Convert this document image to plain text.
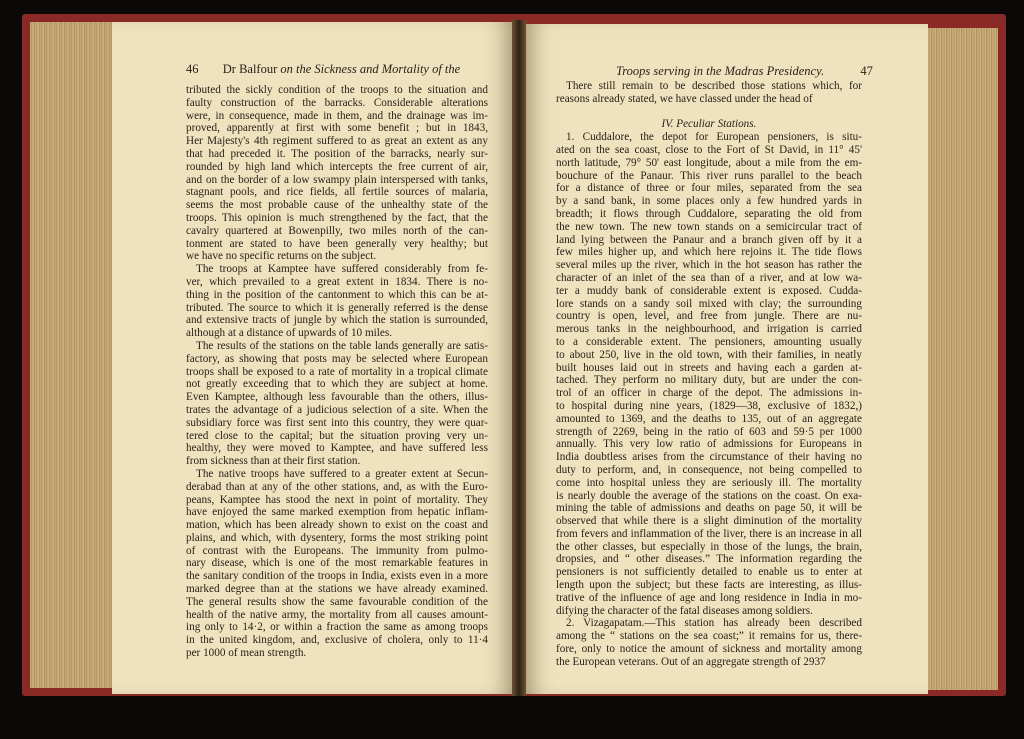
46 Dr Balfour on the Sickness and Mortality of the
tributed the sickly condition of the troops to the situation and
faulty construction of the barracks. Considerable alterations
were, in consequence, made in them, and the drainage was im-
proved, apparently at first with some benefit ; but in 1843,
Her Majesty's 4th regiment suffered to as great an extent as any
that had preceded it. The position of the barracks, nearly sur-
rounded by high land which intercepts the free current of air,
and on the border of a low swampy plain interspersed with tanks,
stagnant pools, and rice fields, all fertile sources of malaria,
seems the most probable cause of the unhealthy state of the
troops. This opinion is much strengthened by the fact, that the
cavalry quartered at Bowenpilly, two miles north of the can-
tonment are stated to have been generally very healthy; but
we have no specific returns on the subject.
The troops at Kamptee have suffered considerably from fe-
ver, which prevailed to a great extent in 1834. There is no-
thing in the position of the cantonment to which this can be at-
tributed. The source to which it is generally referred is the dense
and extensive tracts of jungle by which the station is surrounded,
although at a distance of upwards of 10 miles.
The results of the stations on the table lands generally are satis-
factory, as showing that posts may be selected where European
troops shall be exposed to a rate of mortality in a tropical climate
not greatly exceeding that to which they are subject at home.
Even Kamptee, although less favourable than the others, illus-
trates the advantage of a judicious selection of a site. When the
subsidiary force was first sent into this country, they were quar-
tered close to the capital; but the situation proving very un-
healthy, they were moved to Kamptee, and have suffered less
from sickness than at their first station.
The native troops have suffered to a greater extent at Secun-
derabad than at any of the other stations, and, as with the Euro-
peans, Kamptee has stood the next in point of mortality. They
have enjoyed the same marked exemption from hepatic inflam-
mation, which has been already shown to exist on the coast and
plains, and which, with dysentery, forms the most striking point
of contrast with the Europeans. The immunity from pulmo-
nary disease, which is one of the most remarkable features in
the sanitary condition of the troops in India, exists even in a more
marked degree than at the stations we have already examined.
The general results show the same favourable condition of the
health of the native army, the mortality from all causes amount-
ing only to 14·2, or within a fraction the same as among troops
in the united kingdom, and, exclusive of cholera, only to 11·4
per 1000 of mean strength.
Troops serving in the Madras Presidency.	47
There still remain to be described those stations which, for
reasons already stated, we have classed under the head of

IV. Peculiar Stations.
1. Cuddalore, the depot for European pensioners, is situ-
ated on the sea coast, close to the Fort of St David, in 11° 45'
north latitude, 79° 50' east longitude, about a mile from the em-
bouchure of the Panaur. This river runs parallel to the beach
for a distance of three or four miles, separated from the sea
by a sand bank, in some places only a few hundred yards in
breadth; it flows through Cuddalore, separating the old from
the new town. The new town stands on a semicircular tract of
land lying between the Panaur and a branch given off by it a
few miles higher up, and which here rejoins it. The tide flows
several miles up the river, which in the hot season has rather the
character of an inlet of the sea than of a river, and at low wa-
ter a muddy bank of considerable extent is exposed. Cudda-
lore stands on a sandy soil mixed with clay; the surrounding
country is open, level, and free from jungle. There are nu-
merous tanks in the neighbourhood, and irrigation is carried
to a considerable extent. The pensioners, amounting usually
to about 250, live in the old town, with their families, in neatly
built houses laid out in streets and having each a garden at-
tached. They perform no military duty, but are under the con-
trol of an officer in charge of the depot. The admissions in-
to hospital during nine years, (1829—38, exclusive of 1832,)
amounted to 1369, and the deaths to 135, out of an aggregate
strength of 2269, being in the ratio of 603 and 59·5 per 1000
annually. This very low ratio of admissions for Europeans in
India doubtless arises from the circumstance of their having no
duty to perform, and, in consequence, not being compelled to
come into hospital unless they are seriously ill. The mortality
is nearly double the average of the stations on the coast. On exa-
mining the table of admissions and deaths on page 50, it will be
observed that while there is a slight diminution of the mortality
from fevers and inflammation of the liver, there is an increase in all
the other classes, but especially in those of the lungs, the brain,
dropsies, and “ other diseases.” The information regarding the
pensioners is not sufficiently detailed to enable us to enter at
length upon the subject; but these facts are interesting, as illus-
trative of the influence of age and long residence in India in mo-
difying the character of the fatal diseases among soldiers.
2. Vizagapatam.—This station has already been described
among the “ stations on the sea coast;” it remains for us, there-
fore, only to notice the amount of sickness and mortality among
the European veterans. Out of an aggregate strength of 2937
